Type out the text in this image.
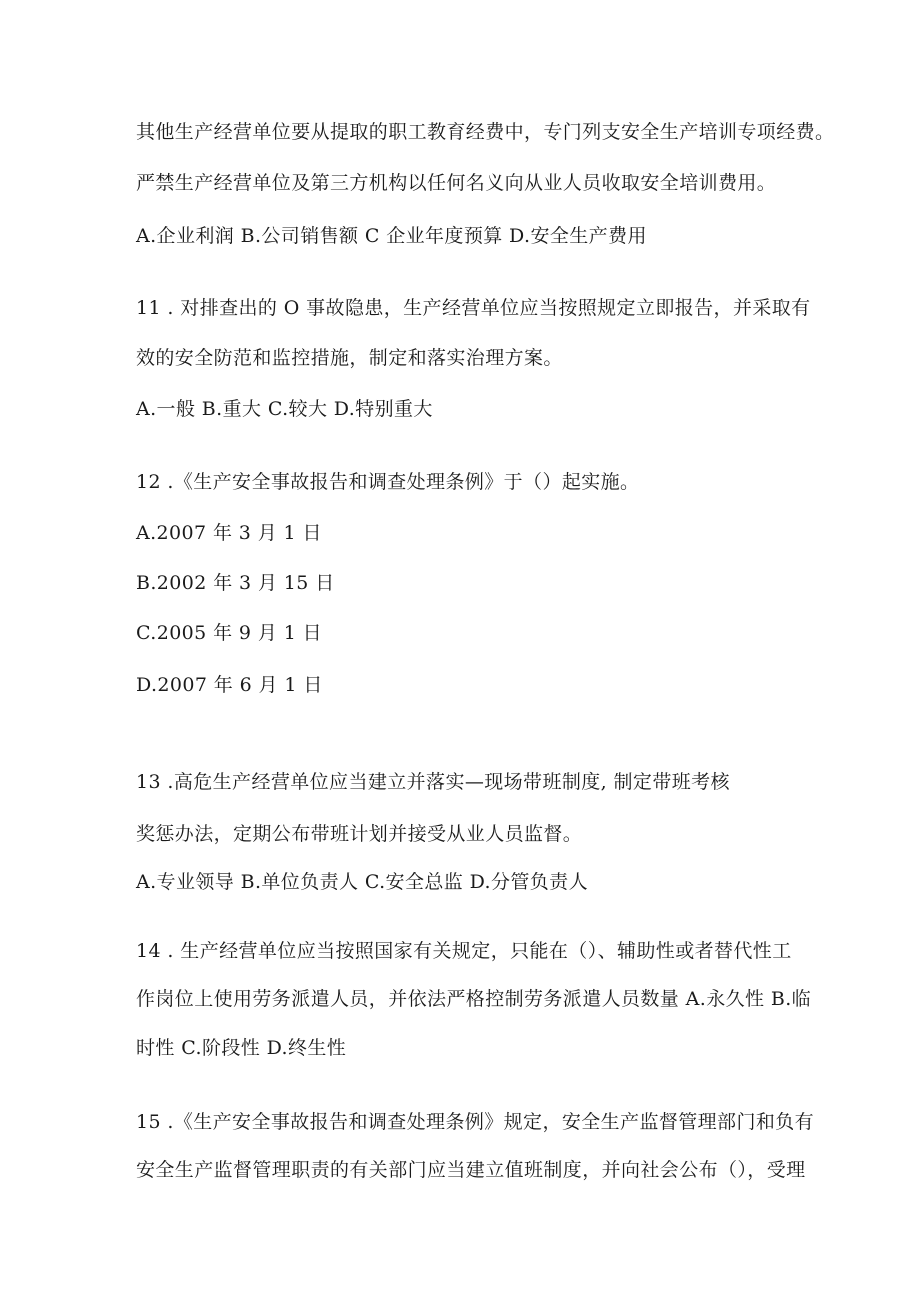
其他生产经营单位要从提取的职工教育经费中，专门列支安全生产培训专项经费。
严禁生产经营单位及第三方机构以任何名义向从业人员收取安全培训费用。
A.企业利润 B.公司销售额 C 企业年度预算 D.安全生产费用
11 . 对排查出的 O 事故隐患，生产经营单位应当按照规定立即报告，并采取有
效的安全防范和监控措施，制定和落实治理方案。
A.一般 B.重大 C.较大 D.特别重大
12 .《生产安全事故报告和调查处理条例》于（）起实施。
A.2007 年 3 月 1 日
B.2002 年 3 月 15 日
C.2005 年 9 月 1 日
D.2007 年 6 月 1 日
13 .高危生产经营单位应当建立并落实—现场带班制度, 制定带班考核
奖惩办法，定期公布带班计划并接受从业人员监督。
A.专业领导 B.单位负责人 C.安全总监 D.分管负责人
14 . 生产经营单位应当按照国家有关规定，只能在（）、辅助性或者替代性工
作岗位上使用劳务派遣人员，并依法严格控制劳务派遣人员数量 A.永久性 B.临
时性 C.阶段性 D.终生性
15 .《生产安全事故报告和调查处理条例》规定，安全生产监督管理部门和负有
安全生产监督管理职责的有关部门应当建立值班制度，并向社会公布（），受理
